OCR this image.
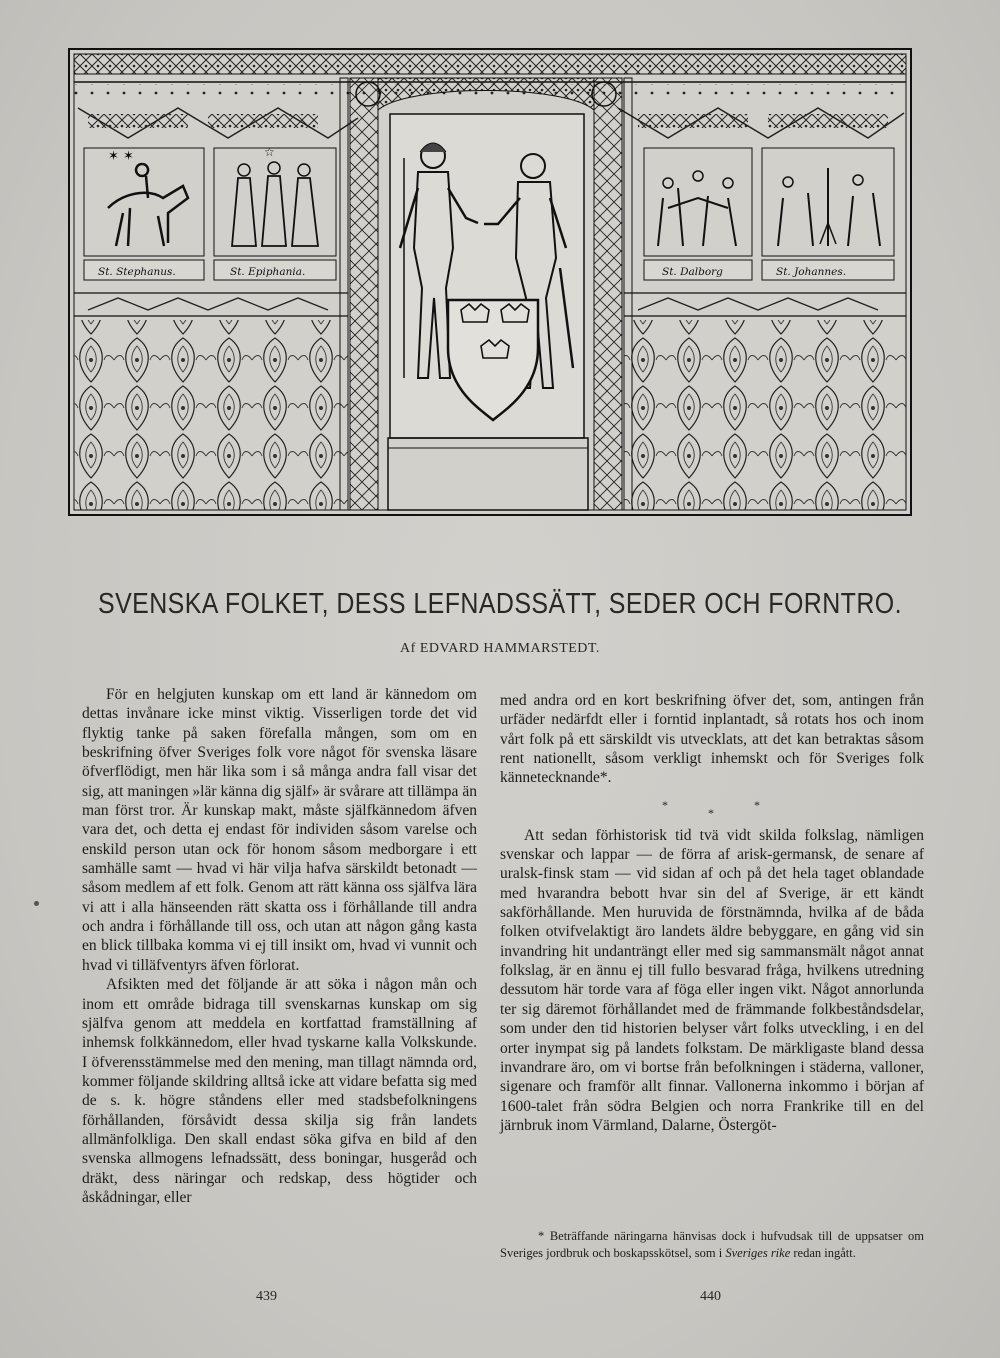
✶ ✶	☆
St. Stephanus.	St. Epiphania.	St. Dalborg	St. Johannes.
SVENSKA FOLKET, DESS LEFNADSSÄTT, SEDER OCH FORNTRO.
Af EDVARD HAMMARSTEDT.

För en helgjuten kunskap om ett land är kännedom om dettas invånare icke minst viktig. Visserligen torde det vid flyktig tanke på saken förefalla mången, som om en beskrifning öfver Sveriges folk vore något för svenska läsare öfverflödigt, men här lika som i så många andra fall visar det sig, att maningen »lär känna dig själf» är svårare att tillämpa än man först tror. Är kunskap makt, måste själfkännedom äfven vara det, och detta ej endast för individen såsom varelse och enskild person utan ock för honom såsom medborgare i ett samhälle samt — hvad vi här vilja hafva särskildt betonadt — såsom medlem af ett folk. Genom att rätt känna oss själfva lära vi att i alla hänseenden rätt skatta oss i förhållande till andra och andra i förhållande till oss, och utan att någon gång kasta en blick tillbaka komma vi ej till insikt om, hvad vi vunnit och hvad vi tilläfventyrs äfven förlorat.

Afsikten med det följande är att söka i någon mån och inom ett område bidraga till svenskarnas kunskap om sig själfva genom att meddela en kortfattad framställning af inhemsk folkkännedom, eller hvad tyskarne kalla Volkskunde. I öfverensstämmelse med den mening, man tillagt nämnda ord, kommer följande skildring alltså icke att vidare befatta sig med de s. k. högre ståndens eller med stadsbefolkningens förhållanden, försåvidt dessa skilja sig från landets allmänfolkliga. Den skall endast söka gifva en bild af den svenska allmogens lefnadssätt, dess boningar, husgeråd och dräkt, dess näringar och redskap, dess högtider och åskådningar, eller

med andra ord en kort beskrifning öfver det, som, antingen från urfäder nedärfdt eller i forntid inplantadt, så rotats hos och inom vårt folk på ett särskildt vis utvecklats, att det kan betraktas såsom rent nationellt, såsom verkligt inhemskt och för Sveriges folk kännetecknande*.

*
*
*

Att sedan förhistorisk tid tvä vidt skilda folkslag, nämligen svenskar och lappar — de förra af arisk-germansk, de senare af uralsk-finsk stam — vid sidan af och på det hela taget oblandade med hvarandra bebott hvar sin del af Sverige, är ett kändt sakförhållande. Men huruvida de förstnämnda, hvilka af de båda folken otvifvelaktigt äro landets äldre bebyggare, en gång vid sin invandring hit undanträngt eller med sig sammansmält något annat folkslag, är en ännu ej till fullo besvarad fråga, hvilkens utredning dessutom här torde vara af föga eller ingen vikt. Något annorlunda ter sig däremot förhållandet med de främmande folkbeståndsdelar, som under den tid historien belyser vårt folks utveckling, i en del orter inympat sig på landets folkstam. De märkligaste bland dessa invandrare äro, om vi bortse från befolkningen i städerna, valloner, sigenare och framför allt finnar. Vallonerna inkommo i början af 1600-talet från södra Belgien och norra Frankrike till en del järnbruk inom Värmland, Dalarne, Östergöt-

* Beträffande näringarna hänvisas dock i hufvudsak till de uppsatser om Sveriges jordbruk och boskapsskötsel, som i Sveriges rike redan ingått.

439	440
